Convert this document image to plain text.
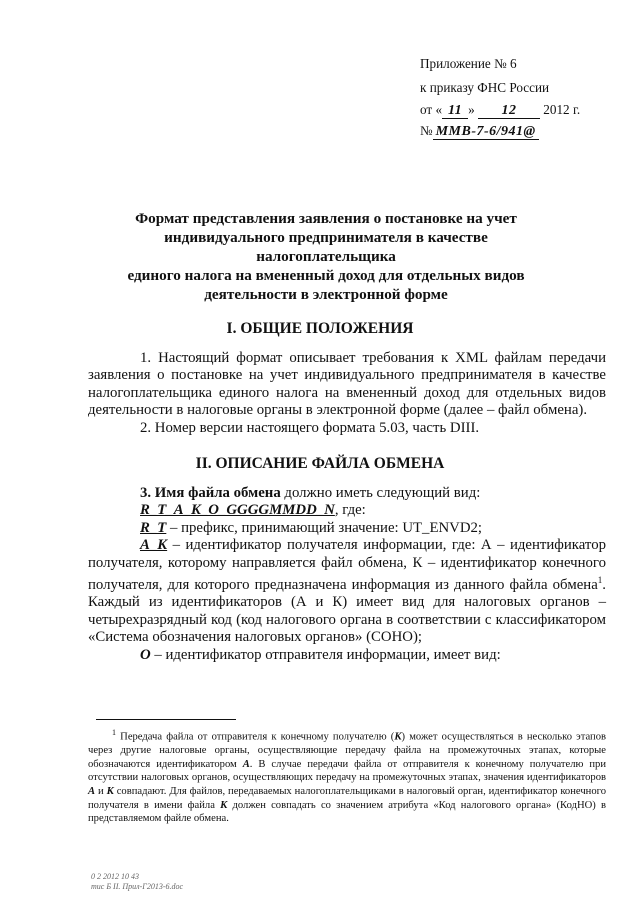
Приложение № 6
к приказу ФНС России
от « 11 » 12 2012 г.
№ ММВ-7-6/941@
Формат представления заявления о постановке на учет
индивидуального предпринимателя в качестве налогоплательщика
единого налога на вмененный доход для отдельных видов
деятельности в электронной форме
I. ОБЩИЕ ПОЛОЖЕНИЯ

1. Настоящий формат описывает требования к XML файлам передачи заявления о постановке на учет индивидуального предпринимателя в качестве налогоплательщика единого налога на вмененный доход для отдельных видов деятельности в налоговые органы в электронной форме (далее – файл обмена).

2. Номер версии настоящего формата 5.03, часть DIII.

II. ОПИСАНИЕ ФАЙЛА ОБМЕНА

3. Имя файла обмена должно иметь следующий вид:

R_T_A_K_O_GGGGMMDD_N, где:

R_T – префикс, принимающий значение: UT_ENVD2;

A_K – идентификатор получателя информации, где: А – идентификатор получателя, которому направляется файл обмена, К – идентификатор конечного получателя, для которого предназначена информация из данного файла обмена$^1$. Каждый из идентификаторов (А и К) имеет вид для налоговых органов – четырехразрядный код (код налогового органа в соответствии с классификатором «Система обозначения налоговых органов» (СОНО);

O – идентификатор отправителя информации, имеет вид:

$^1$ Передача файла от отправителя к конечному получателю (К) может осуществляться в несколько этапов через другие налоговые органы, осуществляющие передачу файла на промежуточных этапах, которые обозначаются идентификатором А. В случае передачи файла от отправителя к конечному получателю при отсутствии налоговых органов, осуществляющих передачу на промежуточных этапах, значения идентификаторов А и К совпадают. Для файлов, передаваемых налогоплательщиками в налоговый орган, идентификатор конечного получателя в имени файла К должен совпадать со значением атрибута «Код налогового органа» (КодНО) в представляемом файле обмена.

0 2 2012 10 43
тис Б II. Прил-Г2013-6.doc
